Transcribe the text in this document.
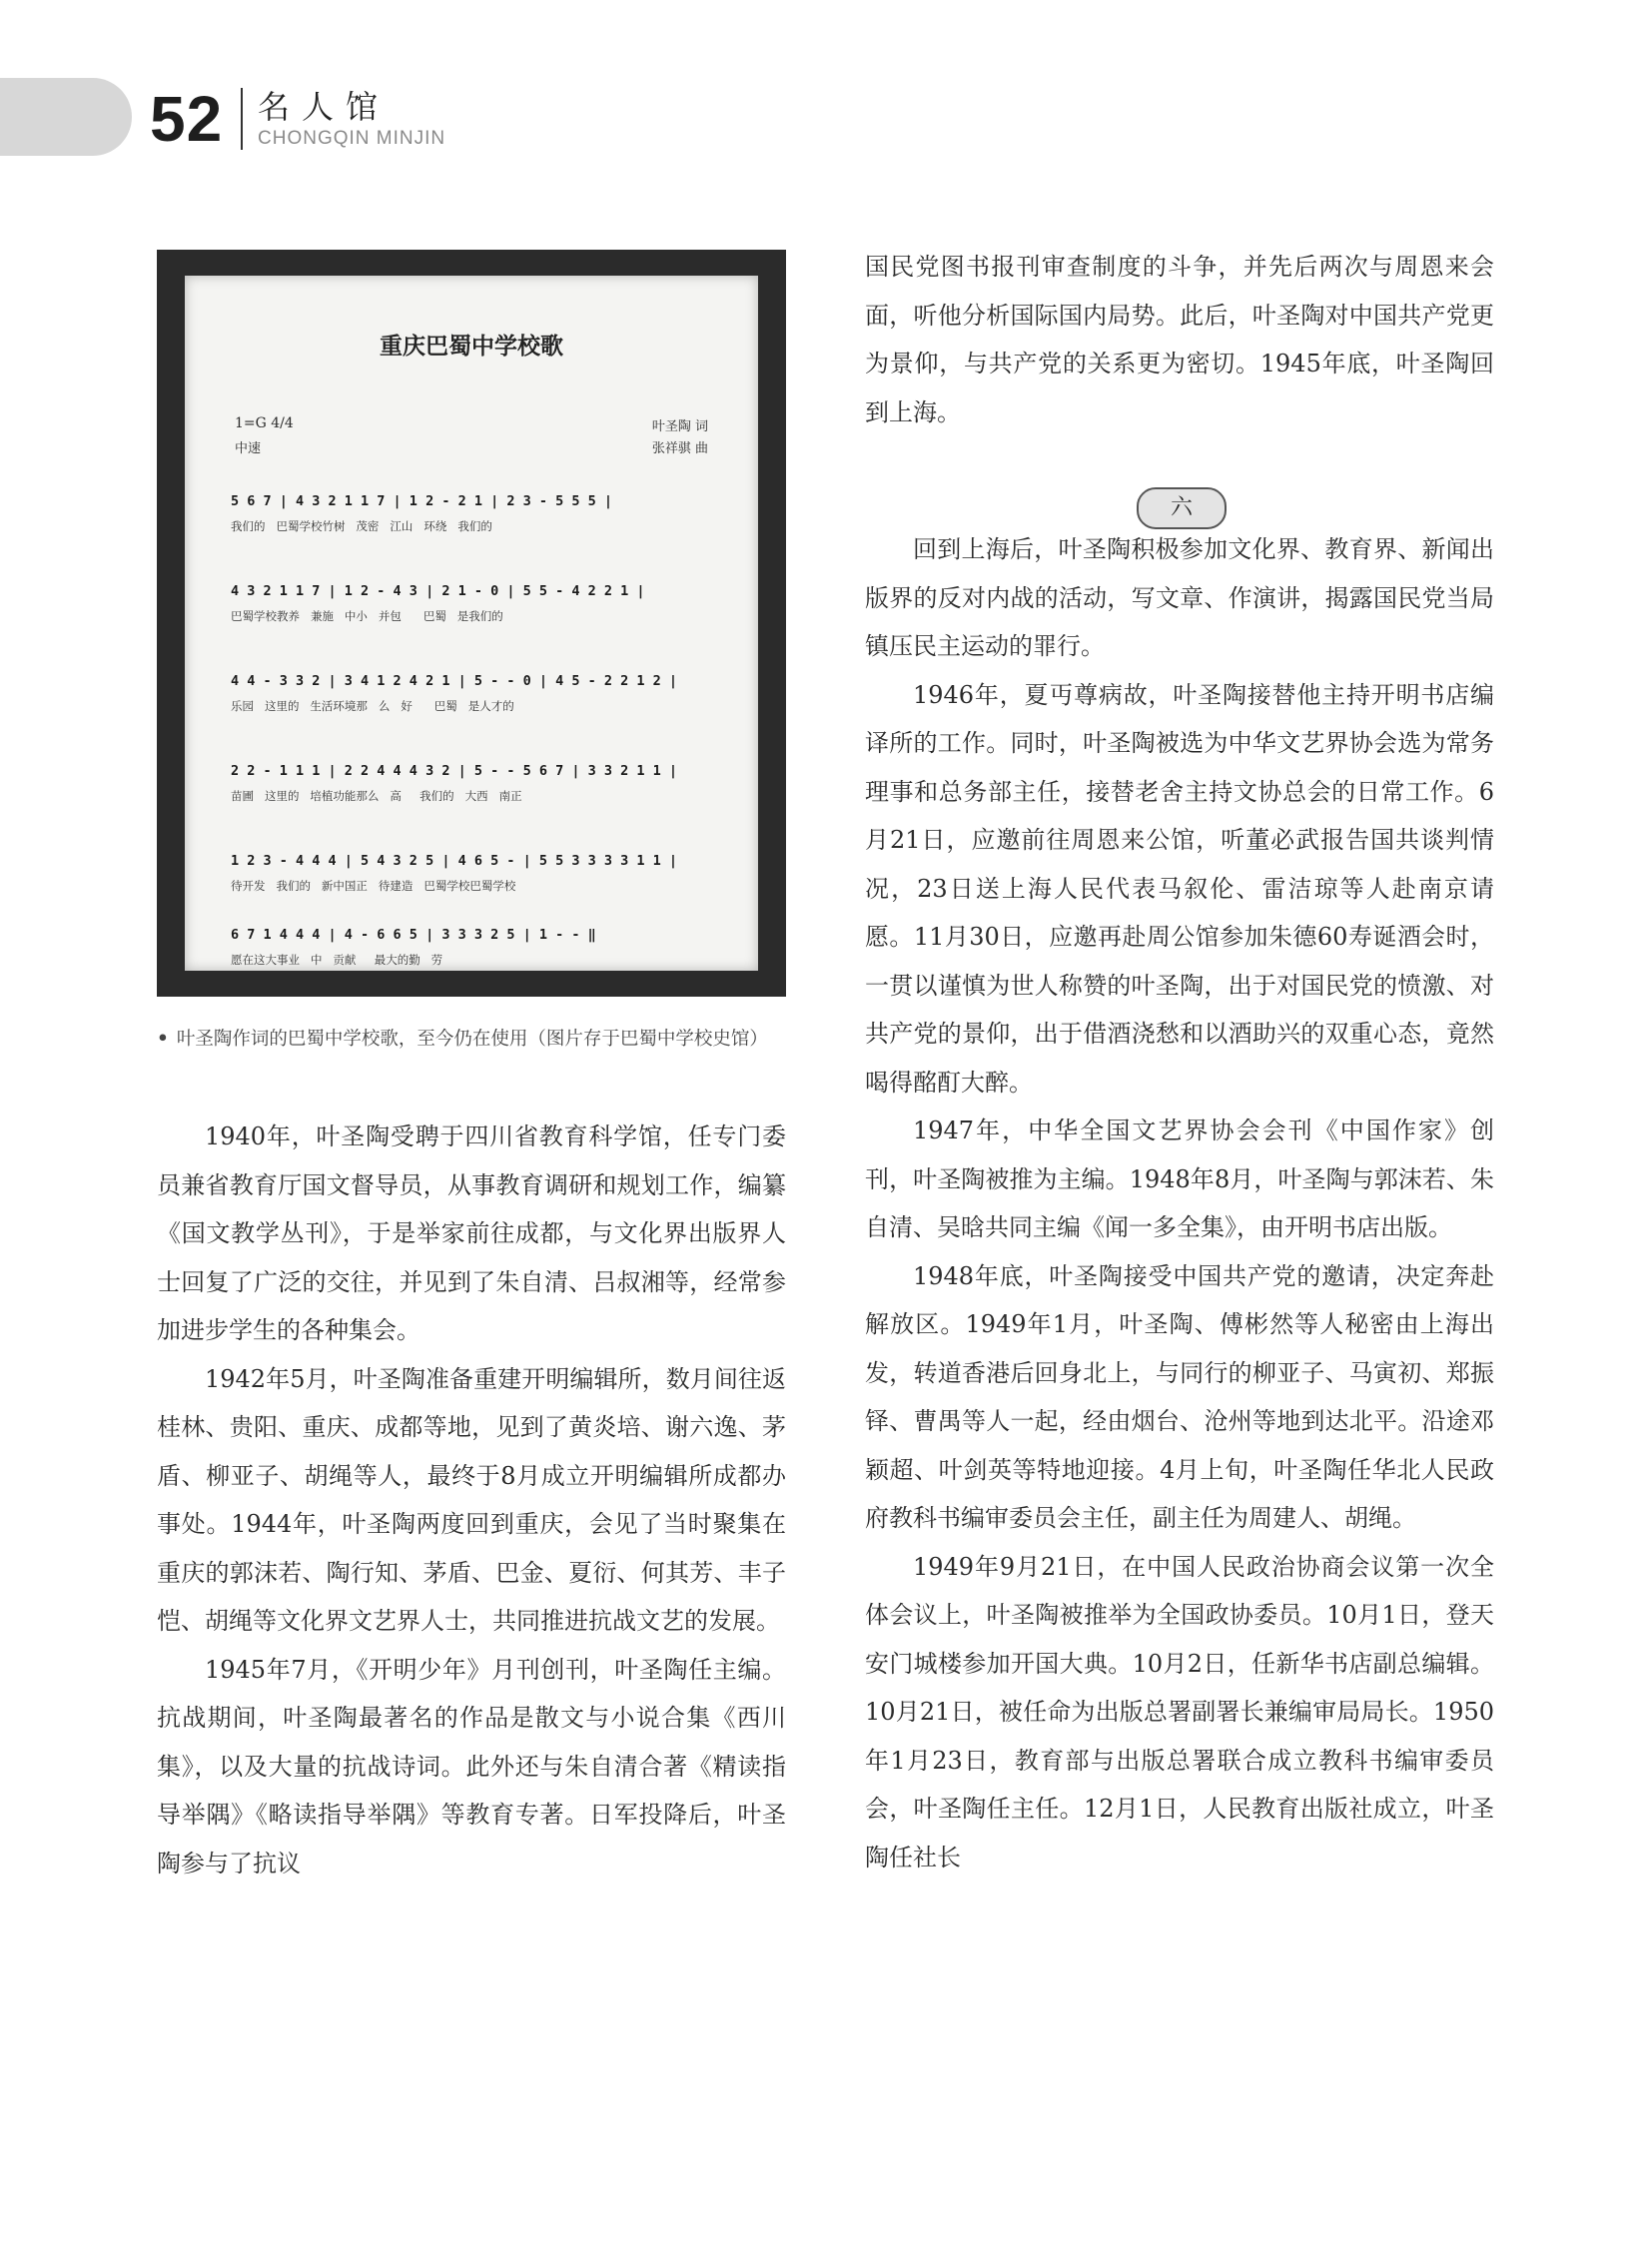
52 名人馆
CHONGQIN MINJIN
重庆巴蜀中学校歌
1=G 4/4
中速
叶圣陶 词
张祥骐 曲
5 6 7 | 4 3 2 1 1 7 | 1 2 - 2 1 | 2 3 - 5 5 5 |
我们的   巴蜀学校竹树   茂密   江山   环绕   我们的
4 3 2 1 1 7 | 1 2 - 4 3 | 2 1 - 0 | 5 5 - 4 2 2 1 |
巴蜀学校教养   兼施   中小   并包      巴蜀   是我们的
4 4 - 3 3 2 | 3 4 1 2 4 2 1 | 5 - - 0 | 4 5 - 2 2 1 2 |
乐园   这里的   生活环境那   么   好      巴蜀   是人才的
2 2 - 1 1 1 | 2 2 4 4 4 3 2 | 5 - - 5 6 7 | 3 3 2 1 1 |
苗圃   这里的   培植功能那么   高     我们的   大西   南正
1 2 3 - 4 4 4 | 5 4 3 2 5 | 4 6 5 - | 5 5 3 3 3 3 1 1 |
待开发   我们的   新中国正   待建造   巴蜀学校巴蜀学校
6 7 1 4 4 4 | 4 - 6 6 5 | 3 3 3 2 5 | 1 - - ‖
愿在这大事业   中   贡献     最大的勤   劳
• 叶圣陶作词的巴蜀中学校歌，至今仍在使用（图片存于巴蜀中学校史馆）

1940年，叶圣陶受聘于四川省教育科学馆，任专门委员兼省教育厅国文督导员，从事教育调研和规划工作，编纂《国文教学丛刊》，于是举家前往成都，与文化界出版界人士回复了广泛的交往，并见到了朱自清、吕叔湘等，经常参加进步学生的各种集会。

1942年5月，叶圣陶准备重建开明编辑所，数月间往返桂林、贵阳、重庆、成都等地，见到了黄炎培、谢六逸、茅盾、柳亚子、胡绳等人，最终于8月成立开明编辑所成都办事处。1944年，叶圣陶两度回到重庆，会见了当时聚集在重庆的郭沫若、陶行知、茅盾、巴金、夏衍、何其芳、丰子恺、胡绳等文化界文艺界人士，共同推进抗战文艺的发展。

1945年7月，《开明少年》月刊创刊，叶圣陶任主编。抗战期间，叶圣陶最著名的作品是散文与小说合集《西川集》，以及大量的抗战诗词。此外还与朱自清合著《精读指导举隅》《略读指导举隅》等教育专著。日军投降后，叶圣陶参与了抗议

国民党图书报刊审查制度的斗争，并先后两次与周恩来会面，听他分析国际国内局势。此后，叶圣陶对中国共产党更为景仰，与共产党的关系更为密切。1945年底，叶圣陶回到上海。

六

回到上海后，叶圣陶积极参加文化界、教育界、新闻出版界的反对内战的活动，写文章、作演讲，揭露国民党当局镇压民主运动的罪行。

1946年，夏丏尊病故，叶圣陶接替他主持开明书店编译所的工作。同时，叶圣陶被选为中华文艺界协会选为常务理事和总务部主任，接替老舍主持文协总会的日常工作。6月21日，应邀前往周恩来公馆，听董必武报告国共谈判情况，23日送上海人民代表马叙伦、雷洁琼等人赴南京请愿。11月30日，应邀再赴周公馆参加朱德60寿诞酒会时，一贯以谨慎为世人称赞的叶圣陶，出于对国民党的愤激、对共产党的景仰，出于借酒浇愁和以酒助兴的双重心态，竟然喝得酩酊大醉。

1947年，中华全国文艺界协会会刊《中国作家》创刊，叶圣陶被推为主编。1948年8月，叶圣陶与郭沫若、朱自清、吴晗共同主编《闻一多全集》，由开明书店出版。

1948年底，叶圣陶接受中国共产党的邀请，决定奔赴解放区。1949年1月，叶圣陶、傅彬然等人秘密由上海出发，转道香港后回身北上，与同行的柳亚子、马寅初、郑振铎、曹禺等人一起，经由烟台、沧州等地到达北平。沿途邓颖超、叶剑英等特地迎接。4月上旬，叶圣陶任华北人民政府教科书编审委员会主任，副主任为周建人、胡绳。

1949年9月21日，在中国人民政治协商会议第一次全体会议上，叶圣陶被推举为全国政协委员。10月1日，登天安门城楼参加开国大典。10月2日，任新华书店副总编辑。10月21日，被任命为出版总署副署长兼编审局局长。1950年1月23日，教育部与出版总署联合成立教科书编审委员会，叶圣陶任主任。12月1日，人民教育出版社成立，叶圣陶任社长
